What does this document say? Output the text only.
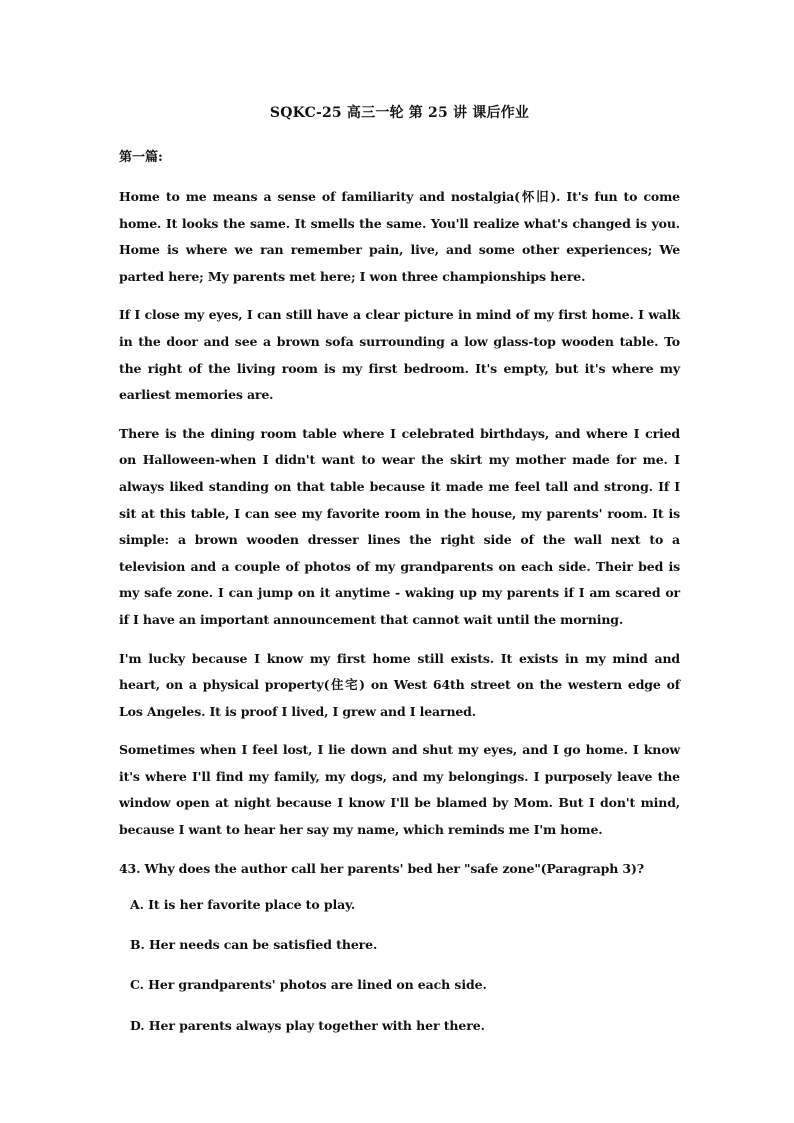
SQKC-25 高三一轮 第 25 讲 课后作业
第一篇:

Home to me means a sense of familiarity and nostalgia(怀旧). It's fun to come home. It looks the same. It smells the same. You'll realize what's changed is you. Home is where we ran remember pain, live, and some other experiences; We parted here; My parents met here; I won three championships here.

If I close my eyes, I can still have a clear picture in mind of my first home. I walk in the door and see a brown sofa surrounding a low glass-top wooden table. To the right of the living room is my first bedroom. It's empty, but it's where my earliest memories are.

There is the dining room table where I celebrated birthdays, and where I cried on Halloween-when I didn't want to wear the skirt my mother made for me. I always liked standing on that table because it made me feel tall and strong. If I sit at this table, I can see my favorite room in the house, my parents' room. It is simple: a brown wooden dresser lines the right side of the wall next to a television and a couple of photos of my grandparents on each side. Their bed is my safe zone. I can jump on it anytime - waking up my parents if I am scared or if I have an important announcement that cannot wait until the morning.

I'm lucky because I know my first home still exists. It exists in my mind and heart, on a physical property(住宅) on West 64th street on the western edge of Los Angeles. It is proof I lived, I grew and I learned.

Sometimes when I feel lost, I lie down and shut my eyes, and I go home. I know it's where I'll find my family, my dogs, and my belongings. I purposely leave the window open at night because I know I'll be blamed by Mom. But I don't mind, because I want to hear her say my name, which reminds me I'm home.

43. Why does the author call her parents' bed her "safe zone"(Paragraph 3)?

A. It is her favorite place to play.
B. Her needs can be satisfied there.
C. Her grandparents' photos are lined on each side.
D. Her parents always play together with her there.
